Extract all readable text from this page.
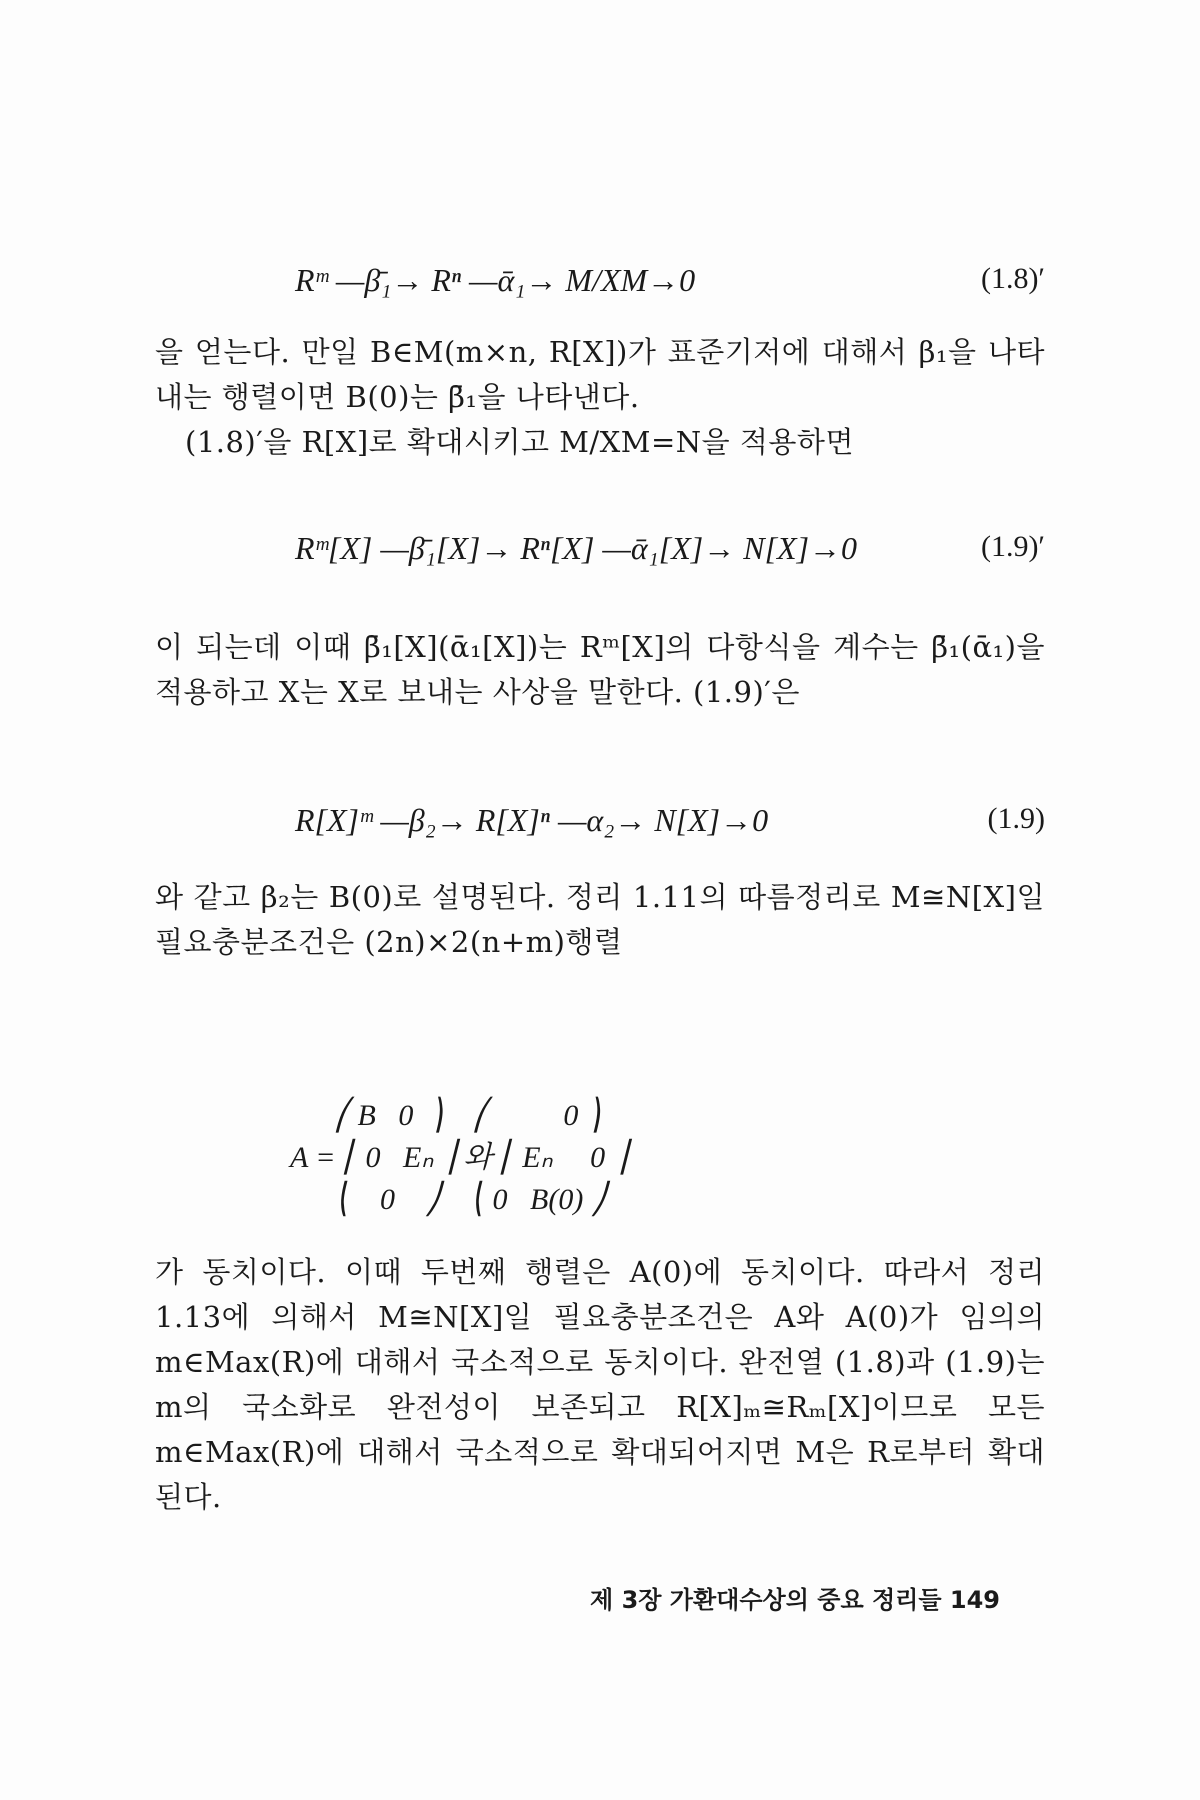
Rᵐ —β̄₁→ Rⁿ —ᾱ₁→ M/XM→0	(1.8)′
을 얻는다. 만일 B∈M(m×n, R[X])가 표준기저에 대해서 β₁을 나타내는 행렬이면 B(0)는 β̄₁을 나타낸다.
(1.8)′을 R[X]로 확대시키고 M/XM=N을 적용하면
Rᵐ[X] —β̄₁[X]→ Rⁿ[X] —ᾱ₁[X]→ N[X]→0	(1.9)′
이 되는데 이때 β̄₁[X](ᾱ₁[X])는 Rᵐ[X]의 다항식을 계수는 β̄₁(ᾱ₁)을 적용하고 X는 X로 보내는 사상을 말한다. (1.9)′은
R[X]ᵐ —β₂→ R[X]ⁿ —α₂→ N[X]→0	(1.9)
와 같고 β₂는 B(0)로 설명된다. 정리 1.11의 따름정리로 M≅N[X]일 필요충분조건은 (2n)×2(n+m)행렬
⎛ B   0  ⎞    ⎛          0 ⎞
A = ⎜ 0   Eₙ ⎟ 와 ⎜ Eₙ     0 ⎟
⎝    0    ⎠    ⎝ 0   B(0) ⎠
가 동치이다. 이때 두번째 행렬은 A(0)에 동치이다. 따라서 정리 1.13에 의해서 M≅N[X]일 필요충분조건은 A와 A(0)가 임의의 m∈Max(R)에 대해서 국소적으로 동치이다. 완전열 (1.8)과 (1.9)는 m의 국소화로 완전성이 보존되고 R[X]ₘ≅Rₘ[X]이므로 모든 m∈Max(R)에 대해서 국소적으로 확대되어지면 M은 R로부터 확대된다.
제 3장 가환대수상의 중요 정리들 149
